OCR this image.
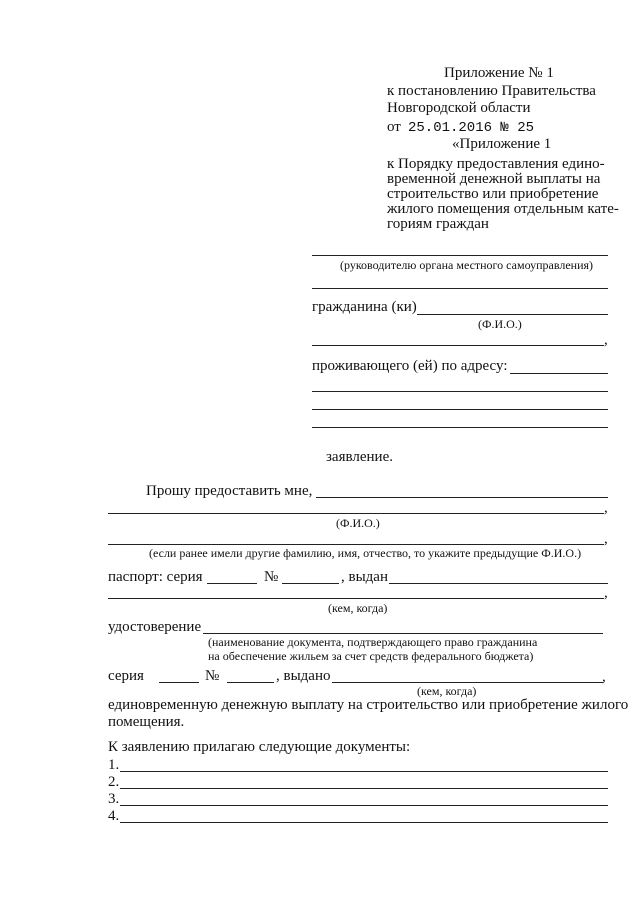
Приложение № 1
к постановлению Правительства
Новгородской области
от 25.01.2016 № 25
«Приложение 1
к Порядку предоставления едино-
временной денежной выплаты на
строительство или приобретение
жилого помещения отдельным кате-
гориям граждан
(руководителю органа местного самоуправления)
гражданина (ки)
(Ф.И.О.)
,
проживающего (ей) по адресу:
заявление.
Прошу предоставить мне,
,
(Ф.И.О.)
,
(если ранее имели другие фамилию, имя, отчество, то укажите предыдущие Ф.И.О.)
паспорт: серия	№	, выдан
,
(кем, когда)
удостоверение
(наименование документа, подтверждающего право гражданина
на обеспечение жильем за счет средств федерального бюджета)
серия	№	, выдано	,
(кем, когда)
единовременную денежную выплату на строительство или приобретение жилого
помещения.
К заявлению прилагаю следующие документы:
1.
2.
3.
4.
